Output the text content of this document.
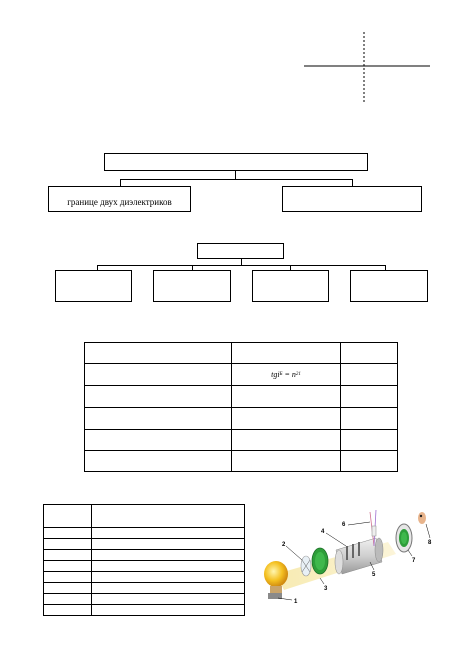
границе двух диэлектриков
tgi Б = n 21
1
2
3
4
5
6
7
8
